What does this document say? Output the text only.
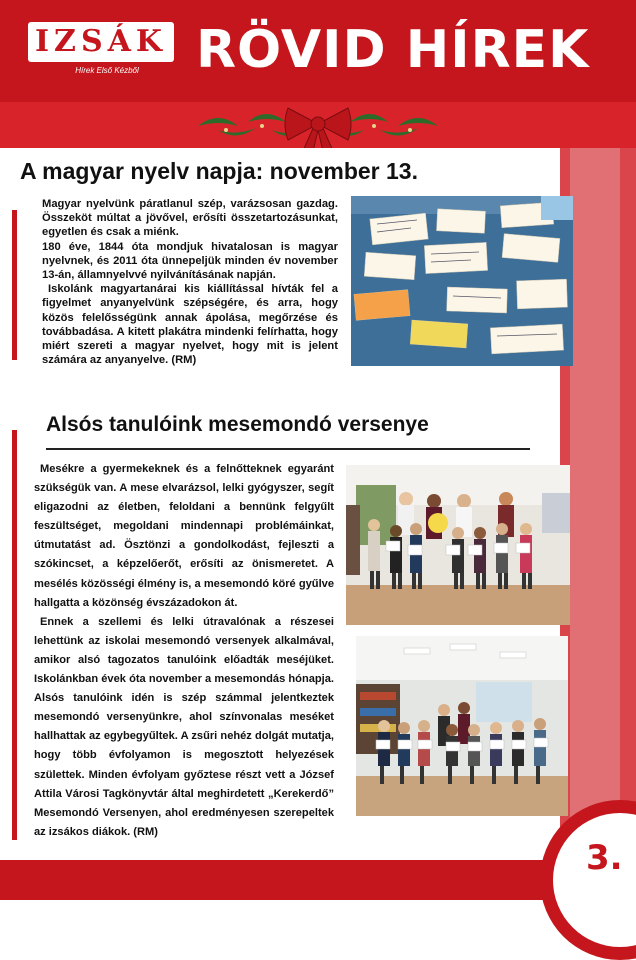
IZSÁK
Hírek Első Kézből	RÖVID HÍREK
A magyar nyelv napja: november 13.

Magyar nyelvünk páratlanul szép, varázsosan gazdag. Összeköt múltat a jövővel, erősíti összetartozásunkat, egyetlen és csak a miénk.

180 éve, 1844 óta mondjuk hivatalosan is magyar nyelvnek, és 2011 óta ünnepeljük minden év november 13-án, államnyelvvé nyilvánításának napján.

Iskolánk magyartanárai kis kiállítással hívták fel a figyelmet anyanyelvünk szépségére, és arra, hogy közös felelősségünk annak ápolása, megőrzése és továbbadása. A kitett plakátra mindenki felírhatta, hogy miért szereti a magyar nyelvet, hogy mit is jelent számára az anyanyelve. (RM)

Alsós tanulóink mesemondó versenye

Mesékre a gyermekeknek és a felnőtteknek egyaránt szükségük van. A mese elvarázsol, lelki gyógyszer, segít eligazodni az életben, feloldani a bennünk felgyűlt feszültséget, megoldani mindennapi problémáinkat, útmutatást ad. Ösztönzi a gondolkodást, fejleszti a szókincset, a képzelőerőt, erősíti az önismeretet. A mesélés közösségi élmény is, a mesemondó köré gyűlve hallgatta a közönség évszázadokon át.

Ennek a szellemi és lelki útravalónak a részesei lehettünk az iskolai mesemondó versenyek alkalmával, amikor alsó tagozatos tanulóink előadták meséjüket. Iskolánkban évek óta november a mesemondás hónapja. Alsós tanulóink idén is szép számmal jelentkeztek mesemondó versenyünkre, ahol színvonalas meséket hallhattak az egybegyűltek. A zsűri nehéz dolgát mutatja, hogy több évfolyamon is megosztott helyezések születtek. Minden évfolyam győztese részt vett a József Attila Városi Tagkönyvtár által meghirdetett „Kerekerdő” Mesemondó Versenyen, ahol eredményesen szerepeltek az izsákos diákok. (RM)

3.
